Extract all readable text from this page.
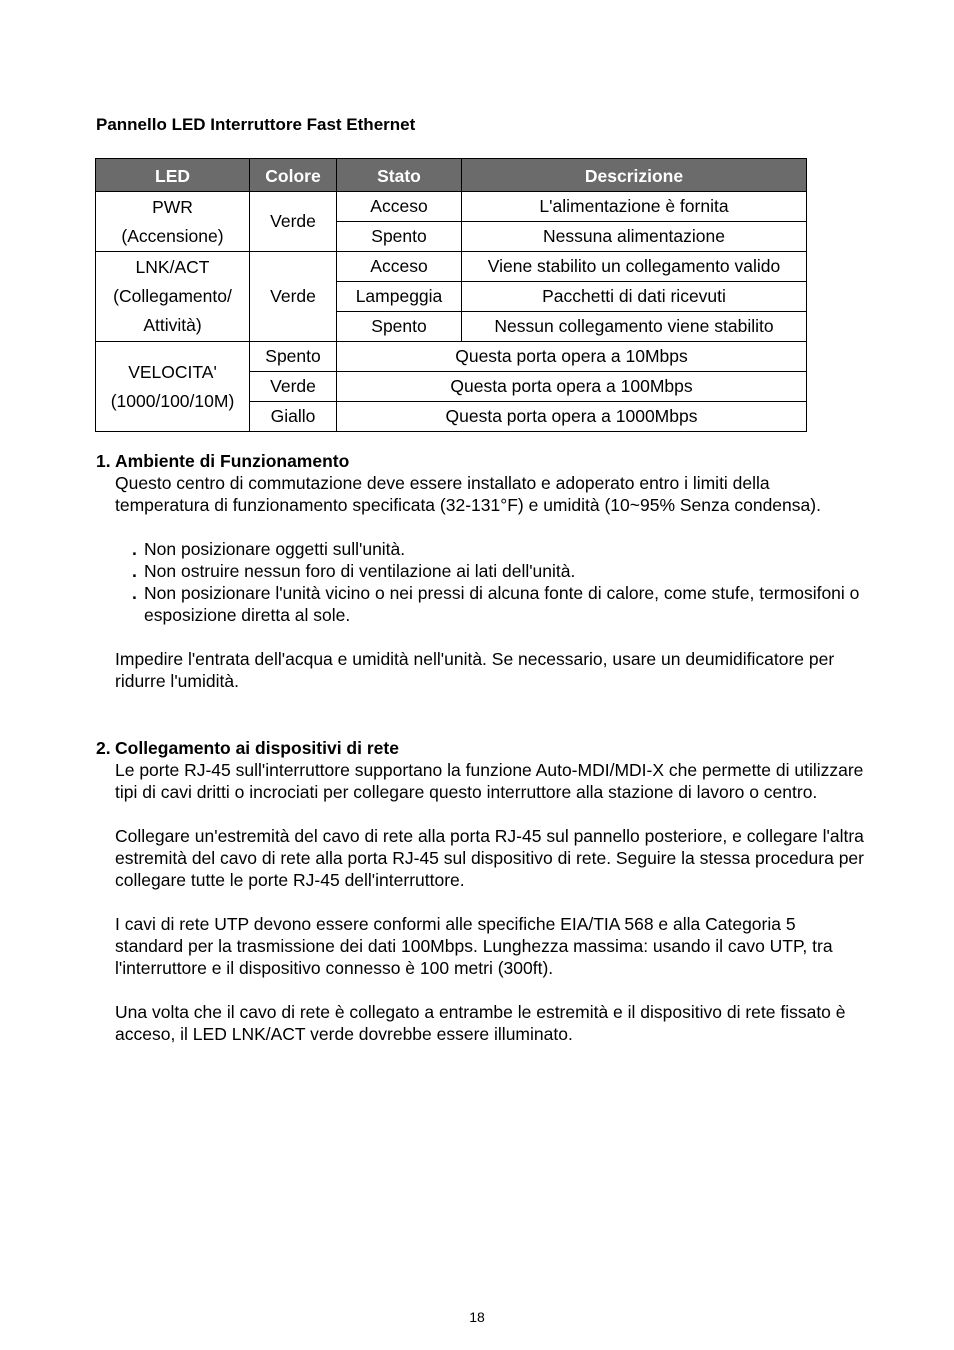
Pannello LED Interruttore Fast Ethernet
LED	Colore	Stato	Descrizione

PWR
(Accensione)	Verde	Acceso	L'alimentazione è fornita
		Spento	Nessuna alimentazione

LNK/ACT
(Collegamento/
Attività)	Verde	Acceso	Viene stabilito un collegamento valido
		Lampeggia	Pacchetti di dati ricevuti
		Spento	Nessun collegamento viene stabilito

VELOCITA'
(1000/100/10M)	Spento	Questa porta opera a 10Mbps	
	Verde	Questa porta opera a 100Mbps	
	Giallo	Questa porta opera a 1000Mbps	
1. Ambiente di Funzionamento

Questo centro di commutazione deve essere installato e adoperato entro i limiti della temperatura di funzionamento specificata (32-131°F) e umidità (10~95% Senza condensa).

. Non posizionare oggetti sull'unità.
. Non ostruire nessun foro di ventilazione ai lati dell'unità.
. Non posizionare l'unità vicino o nei pressi di alcuna fonte di calore, come stufe, termosifoni o esposizione diretta al sole.

Impedire l'entrata dell'acqua e umidità nell'unità. Se necessario, usare un deumidificatore per ridurre l'umidità.

2. Collegamento ai dispositivi di rete

Le porte RJ-45 sull'interruttore supportano la funzione Auto-MDI/MDI-X che permette di utilizzare tipi di cavi dritti o incrociati per collegare questo interruttore alla stazione di lavoro o centro.

Collegare un'estremità del cavo di rete alla porta RJ-45 sul pannello posteriore, e collegare l'altra estremità del cavo di rete alla porta RJ-45 sul dispositivo di rete. Seguire la stessa procedura per collegare tutte le porte RJ-45 dell'interruttore.

I cavi di rete UTP devono essere conformi alle specifiche EIA/TIA 568 e alla Categoria 5 standard per la trasmissione dei dati 100Mbps. Lunghezza massima: usando il cavo UTP, tra l'interruttore e il dispositivo connesso è 100 metri (300ft).

Una volta che il cavo di rete è collegato a entrambe le estremità e il dispositivo di rete fissato è acceso, il LED LNK/ACT verde dovrebbe essere illuminato.

18
